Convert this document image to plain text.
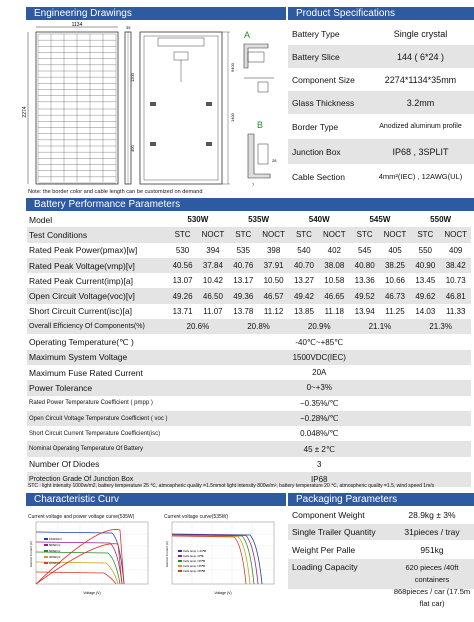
Engineering Drawings	Product Specifications
1134
2274
9400
1400
1200
400
A
B
28
7
35
Battery Type	Single crystal
Battery Slice	144 ( 6*24 )
Component Size	2274*1134*35mm
Glass Thickness	3.2mm
Border Type	Anodized aluminum profile
Junction Box	IP68 , 3SPLIT
Cable Section	4mm²(IEC) , 12AWG(UL)
Note: the border color and cable length can be customized on demand
Battery Performance Parameters
Model	530W		535W		540W		545W		550W	
Test Conditions	STC	NOCT	STC	NOCT	STC	NOCT	STC	NOCT	STC	NOCT
Rated Peak Power(pmax)[w]	530	394	535	398	540	402	545	405	550	409
Rated Peak Voltage(vmp)[v]	40.56	37.84	40.76	37.91	40.70	38.08	40.80	38.25	40.90	38.42
Rated Peak Current(imp)[a]	13.07	10.42	13.17	10.50	13.27	10.58	13.36	10.66	13.45	10.73
Open Circuit Voltage(voc)[v]	49.26	46.50	49.36	46.57	49.42	46.65	49.52	46.73	49.62	46.81
Short Circuit Current(isc)[a]	13.71	11.07	13.78	11.12	13.85	11.18	13.94	11.25	14.03	11.33
Overall Efficiency Of Components(%)	20.6%		20.8%		20.9%		21.1%		21.3%	
Operating Temperature(℃ )	-40℃~+85℃									
Maximum System Voltage	1500VDC(IEC)									
Maximum Fuse Rated Current	20A									
Power Tolerance	0~+3%									
Rated Power Temperature Coefficient ( pmpp )	−0.35%/℃									
Open Circuit Voltage Temperature Coefficient ( voc )	−0.28%/℃									
Short Circuit Current Temperature Coefficient(isc)	0.048%/℃									
Nominal Operating Temperature Of Battery	45 ± 2℃									
Number Of Diodes	3									
Protection Grade Of Junction Box	IP68									
STC : light intensity 1000w/m2, battery temperature 25 ℃, atmospheric quality =1.5mmot light intensity 800w/m², battery temperature 20 ℃, atmospheric quality =1.5, wind speed 1m/s
Characteristic Curv	Packaging Parameters
Current voltage and power voltage curve(535W)
1000W/m²
800W/m²
600W/m²
400W/m²
200W/m²
Voltage (V)
Electric Current (A)
Current voltage curve(535W)
Cells temp.=-40℃
Cells temp.=0℃
Cells temp.=25℃
Cells temp.=45℃
Cells temp.=65℃
Voltage (V)
Electric Current (A)
Component Weight	28.9kg ± 3%
Single Trailer Quantity	31pieces / tray
Weight Per Palle	951kg
Loading Capacity	620 pieces /40ft containers
868pieces / car (17.5m flat car)
